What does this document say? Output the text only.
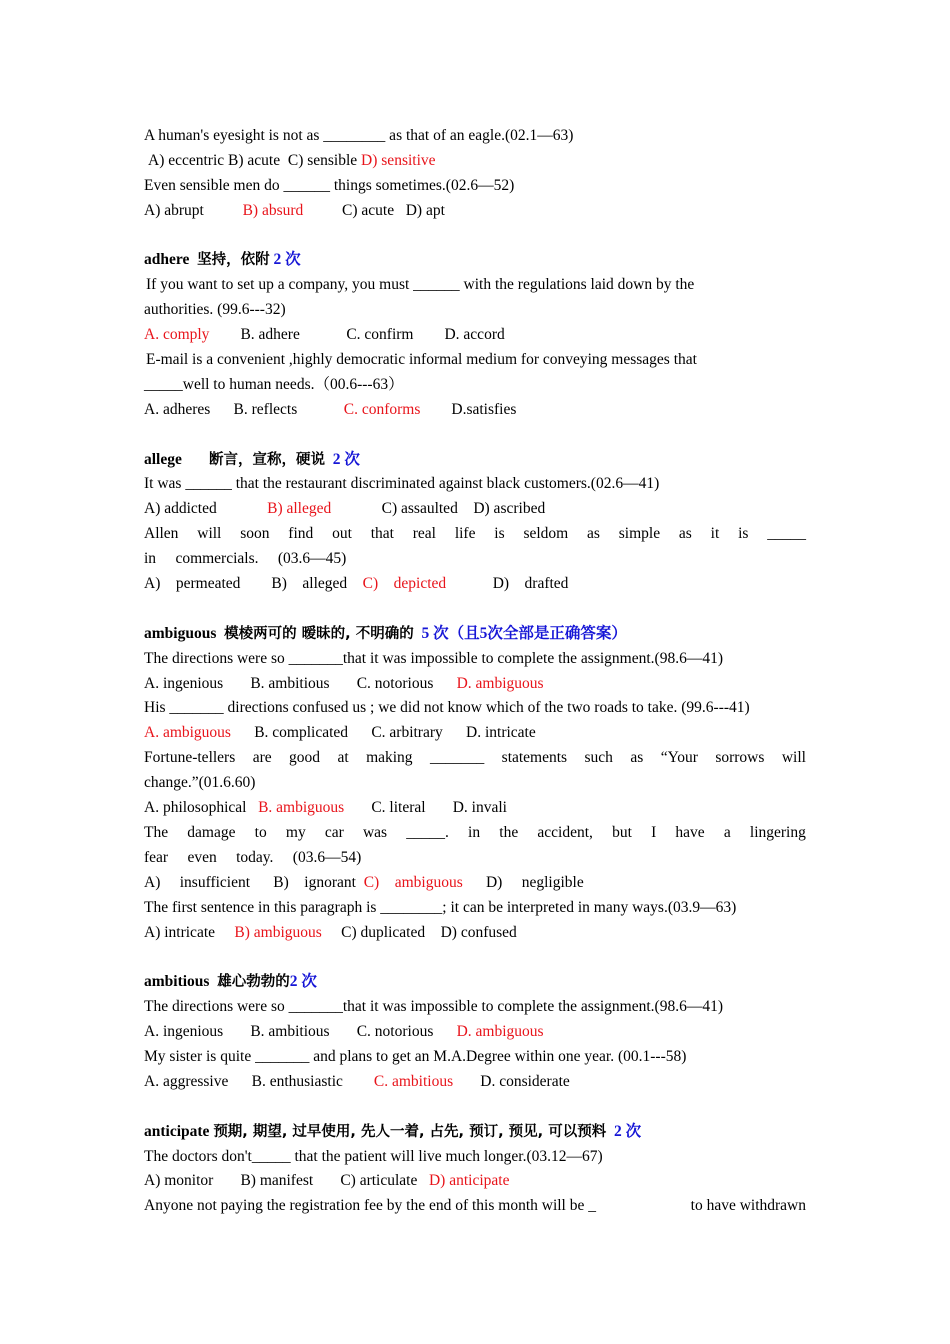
A human's eyesight is not as ________ as that of an eagle.(02.1—63)
A) eccentric B) acute C) sensible D) sensitive
Even sensible men do ______ things sometimes.(02.6—52)
A) abrupt	B) absurd	C) acute D) apt
adhere 坚持，依附 2 次
If you want to set up a company, you must ______ with the regulations laid down by the
authorities. (99.6---32)
A. comply B. adhere	C. confirm D. accord
E-mail is a convenient ,highly democratic informal medium for conveying messages that
_____well to human needs.（00.6---63）
A. adheres B. reflects	C. conforms D.satisfies
allege 断言，宣称，硬说 2 次
It was ______ that the restaurant discriminated against black customers.(02.6—41)
A) addicted	B) alleged	C) assaulted D) ascribed
Allen will soon find out that real life is seldom as simple as it is _____
in commercials. (03.6—45)
A) permeated B) alleged C) depicted	D) drafted
ambiguous 模棱两可的 暧昧的, 不明确的 5 次（且5次全部是正确答案）
The directions were so _______that it was impossible to complete the assignment.(98.6—41)
A. ingenious B. ambitious C. notorious D. ambiguous
His _______ directions confused us ; we did not know which of the two roads to take. (99.6---41)
A. ambiguous B. complicated C. arbitrary D. intricate
Fortune-tellers are good at making _______ statements such as “Your sorrows will
change.”(01.6.60)
A. philosophical B. ambiguous C. literal D. invali
The damage to my car was _____. in the accident, but I have a lingering
fear even today. (03.6—54)
A) insufficient B) ignorant C) ambiguous D) negligible
The first sentence in this paragraph is ________; it can be interpreted in many ways.(03.9—63)
A) intricate B) ambiguous C) duplicated D) confused
ambitious 雄心勃勃的2 次
The directions were so _______that it was impossible to complete the assignment.(98.6—41)
A. ingenious B. ambitious C. notorious D. ambiguous
My sister is quite _______ and plans to get an M.A.Degree within one year. (00.1---58)
A. aggressive B. enthusiastic C. ambitious D. considerate
anticipate 预期, 期望, 过早使用, 先人一着, 占先, 预订, 预见, 可以预料 2 次
The doctors don't_____ that the patient will live much longer.(03.12—67)
A) monitor B) manifest C) articulate D) anticipate
Anyone not paying the registration fee by the end of this month will be _	to have withdrawn
